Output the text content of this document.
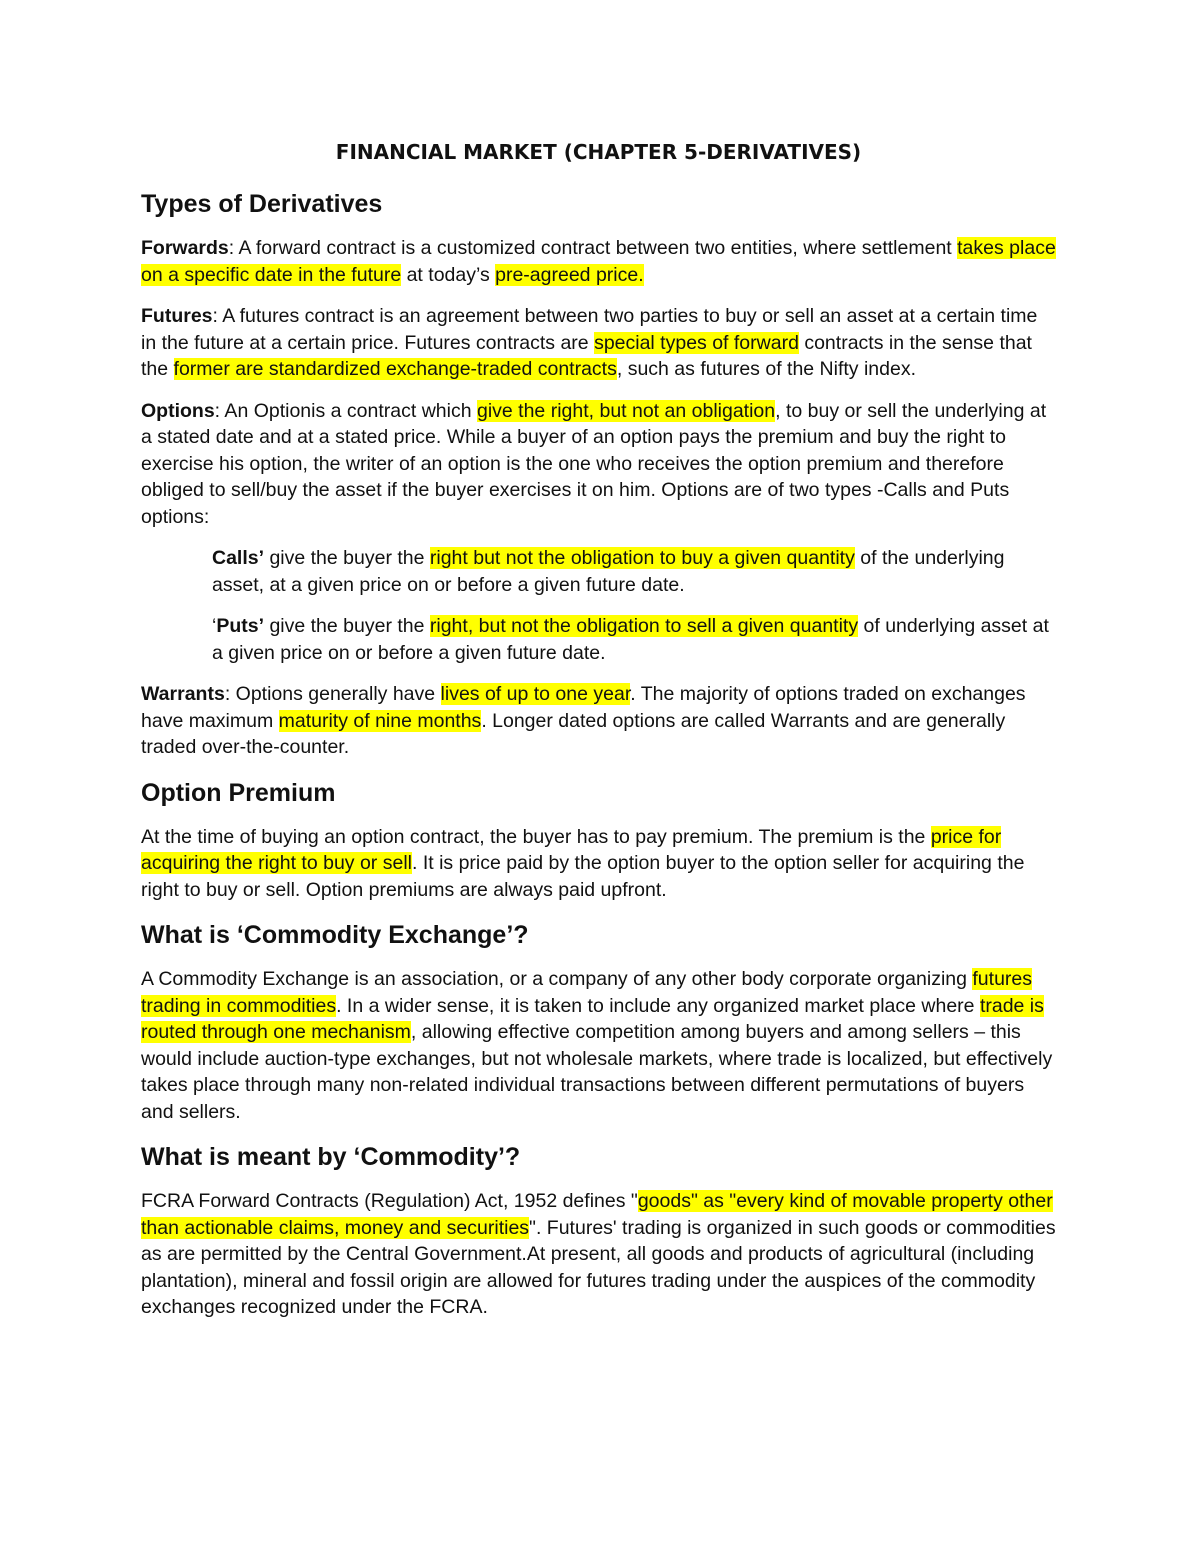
FINANCIAL MARKET (CHAPTER 5-DERIVATIVES)
Types of Derivatives

Forwards: A forward contract is a customized contract between two entities, where settlement takes place on a specific date in the future at today’s pre-agreed price.

Futures: A futures contract is an agreement between two parties to buy or sell an asset at a certain time in the future at a certain price. Futures contracts are special types of forward contracts in the sense that the former are standardized exchange-traded contracts, such as futures of the Nifty index.

Options: An Optionis a contract which give the right, but not an obligation, to buy or sell the underlying at a stated date and at a stated price. While a buyer of an option pays the premium and buy the right to exercise his option, the writer of an option is the one who receives the option premium and therefore obliged to sell/buy the asset if the buyer exercises it on him. Options are of two types -Calls and Puts options:

Calls’ give the buyer the right but not the obligation to buy a given quantity of the underlying asset, at a given price on or before a given future date.

‘Puts’ give the buyer the right, but not the obligation to sell a given quantity of underlying asset at a given price on or before a given future date.

Warrants: Options generally have lives of up to one year. The majority of options traded on exchanges have maximum maturity of nine months. Longer dated options are called Warrants and are generally traded over-the-counter.

Option Premium

At the time of buying an option contract, the buyer has to pay premium. The premium is the price for acquiring the right to buy or sell. It is price paid by the option buyer to the option seller for acquiring the right to buy or sell. Option premiums are always paid upfront.

What is ‘Commodity Exchange’?

A Commodity Exchange is an association, or a company of any other body corporate organizing futures trading in commodities. In a wider sense, it is taken to include any organized market place where trade is routed through one mechanism, allowing effective competition among buyers and among sellers – this would include auction-type exchanges, but not wholesale markets, where trade is localized, but effectively takes place through many non-related individual transactions between different permutations of buyers and sellers.

What is meant by ‘Commodity’?

FCRA Forward Contracts (Regulation) Act, 1952 defines "goods" as "every kind of movable property other than actionable claims, money and securities". Futures' trading is organized in such goods or commodities as are permitted by the Central Government.At present, all goods and products of agricultural (including plantation), mineral and fossil origin are allowed for futures trading under the auspices of the commodity exchanges recognized under the FCRA.
